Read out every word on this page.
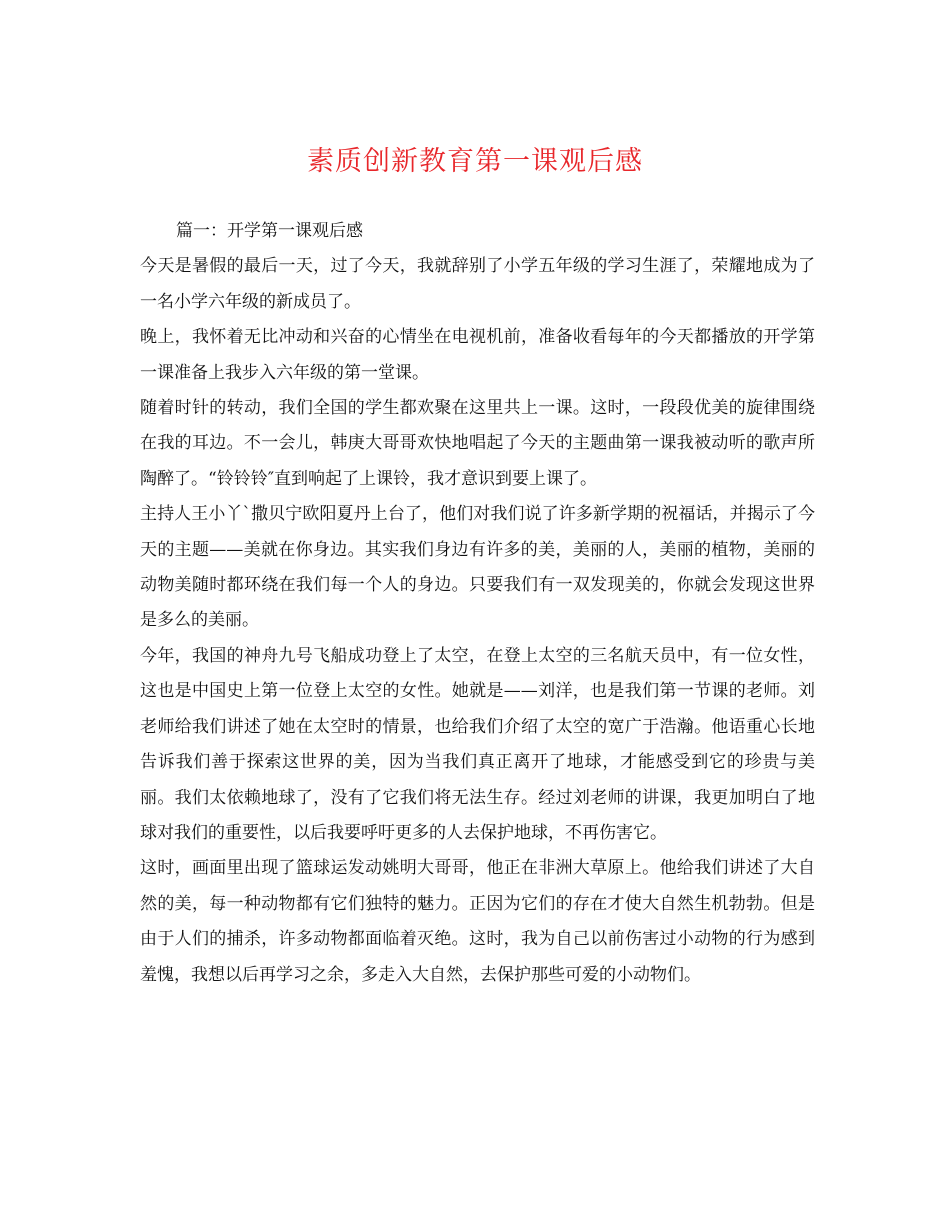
素质创新教育第一课观后感

篇一：开学第一课观后感

今天是暑假的最后一天，过了今天，我就辞别了小学五年级的学习生涯了，荣耀地成为了一名小学六年级的新成员了。

晚上，我怀着无比冲动和兴奋的心情坐在电视机前，准备收看每年的今天都播放的开学第一课准备上我步入六年级的第一堂课。

随着时针的转动，我们全国的学生都欢聚在这里共上一课。这时，一段段优美的旋律围绕在我的耳边。不一会儿，韩庚大哥哥欢快地唱起了今天的主题曲第一课我被动听的歌声所陶醉了。“铃铃铃″直到响起了上课铃，我才意识到要上课了。

主持人王小丫`撒贝宁欧阳夏丹上台了，他们对我们说了许多新学期的祝福话，并揭示了今天的主题——美就在你身边。其实我们身边有许多的美，美丽的人，美丽的植物，美丽的动物美随时都环绕在我们每一个人的身边。只要我们有一双发现美的，你就会发现这世界是多么的美丽。

今年，我国的神舟九号飞船成功登上了太空，在登上太空的三名航天员中，有一位女性，这也是中国史上第一位登上太空的女性。她就是——刘洋，也是我们第一节课的老师。刘老师给我们讲述了她在太空时的情景，也给我们介绍了太空的宽广于浩瀚。他语重心长地告诉我们善于探索这世界的美，因为当我们真正离开了地球，才能感受到它的珍贵与美丽。我们太依赖地球了，没有了它我们将无法生存。经过刘老师的讲课，我更加明白了地球对我们的重要性，以后我要呼吁更多的人去保护地球，不再伤害它。

这时，画面里出现了篮球运发动姚明大哥哥，他正在非洲大草原上。他给我们讲述了大自然的美，每一种动物都有它们独特的魅力。正因为它们的存在才使大自然生机勃勃。但是由于人们的捕杀，许多动物都面临着灭绝。这时，我为自己以前伤害过小动物的行为感到羞愧，我想以后再学习之余，多走入大自然，去保护那些可爱的小动物们。
